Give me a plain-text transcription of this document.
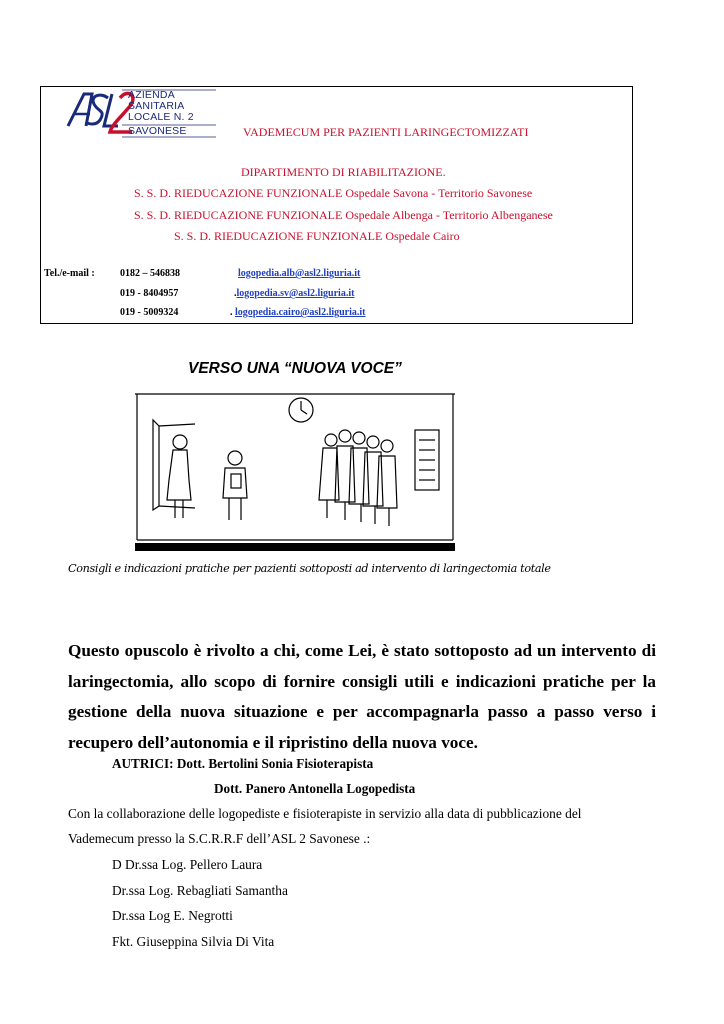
AZIENDA
SANITARIA
LOCALE N. 2
SAVONESE	VADEMECUM PER PAZIENTI LARINGECTOMIZZATI
DIPARTIMENTO DI RIABILITAZIONE.
S. S. D. RIEDUCAZIONE FUNZIONALE Ospedale Savona - Territorio Savonese
S. S. D. RIEDUCAZIONE FUNZIONALE Ospedale Albenga - Territorio Albenganese
S. S. D. RIEDUCAZIONE FUNZIONALE Ospedale Cairo
Tel./e-mail :	0182 – 546838	logopedia.alb@asl2.liguria.it
019 - 8404957	.logopedia.sv@asl2.liguria.it
019 - 5009324	. logopedia.cairo@asl2.liguria.it
VERSO UNA “NUOVA VOCE”
Consigli e indicazioni pratiche per pazienti sottoposti ad intervento di laringectomia totale
Questo opuscolo è rivolto a chi, come Lei, è stato sottoposto ad un intervento di laringectomia, allo scopo di fornire consigli utili e indicazioni pratiche per la gestione della nuova situazione e per accompagnarla passo a passo verso i recupero dell’autonomia e il ripristino della nuova voce.
AUTRICI: Dott. Bertolini Sonia Fisioterapista
Dott. Panero Antonella Logopedista
Con la collaborazione delle logopediste e fisioterapiste in servizio alla data di pubblicazione del
Vademecum presso la S.C.R.R.F dell’ASL 2 Savonese .:
D Dr.ssa Log. Pellero Laura
Dr.ssa Log. Rebagliati Samantha
Dr.ssa Log E. Negrotti
Fkt. Giuseppina Silvia Di Vita
